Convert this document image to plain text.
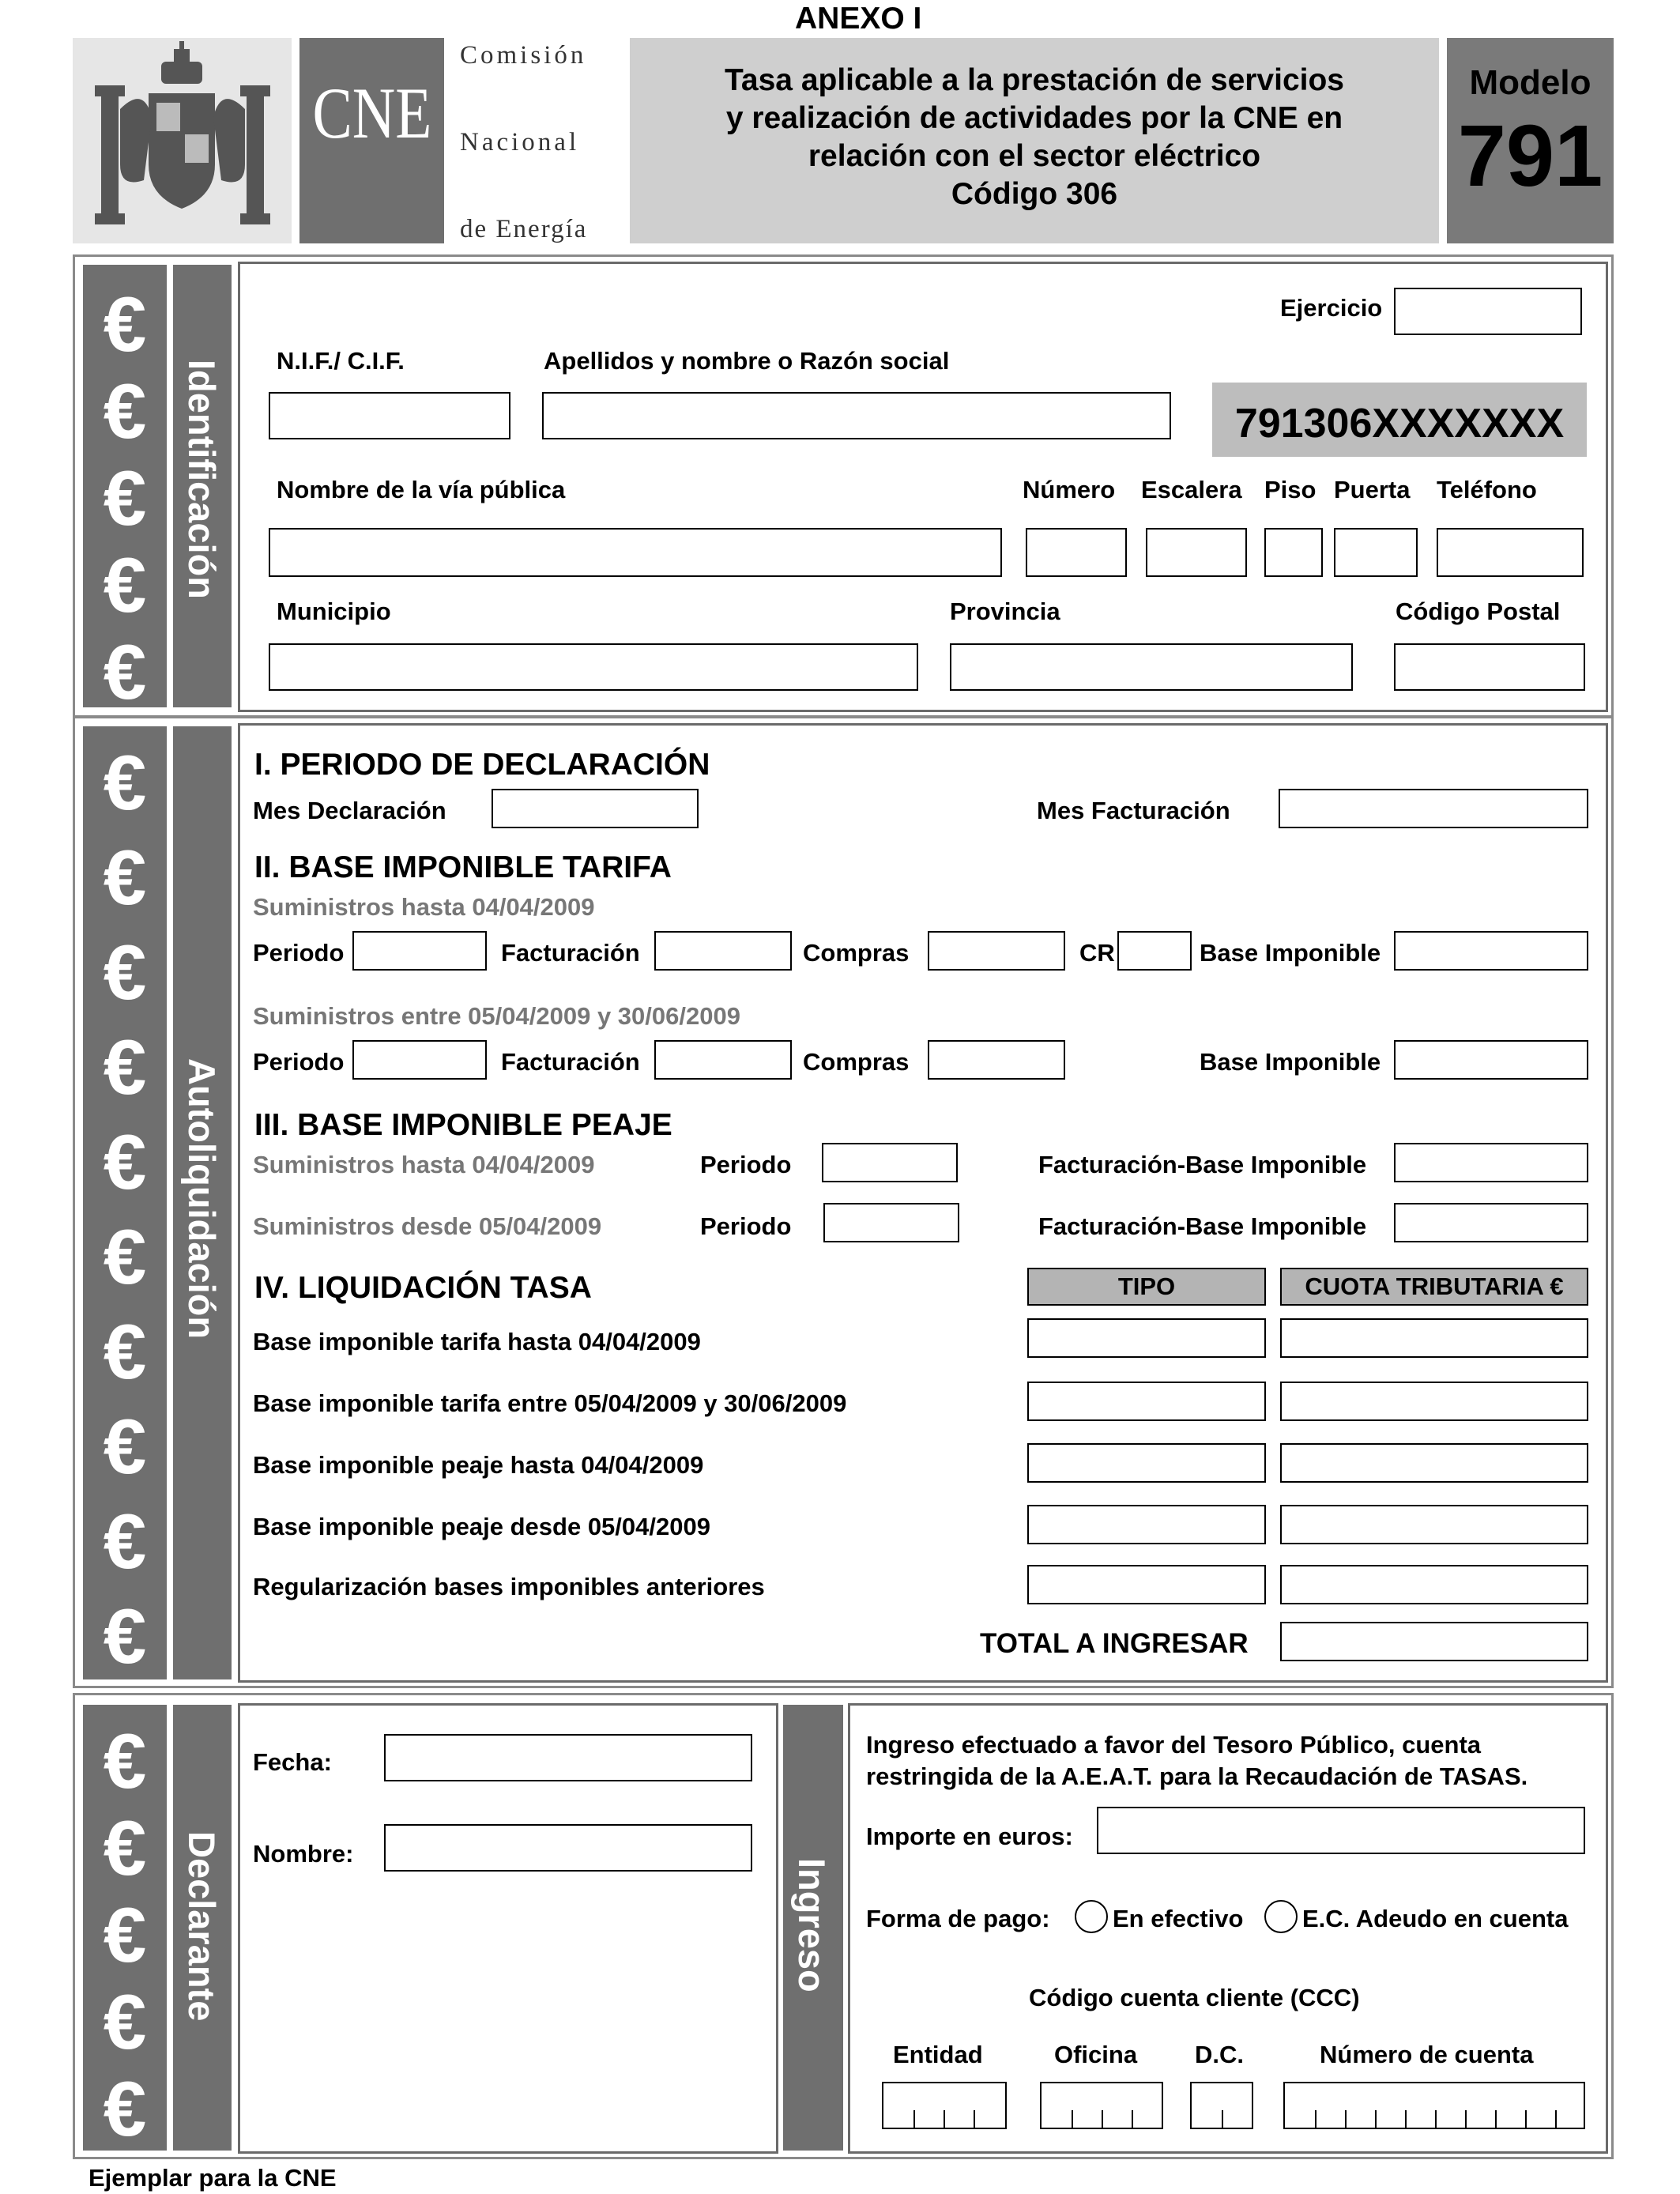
ANEXO I
CNE
Comisión
Nacional
de Energía
Tasa aplicable a la prestación de servicios
y realización de actividades por la CNE en
relación con el sector eléctrico
Código 306
Modelo
791
€
€
€
€
€
Identificación
Ejercicio
N.I.F./ C.I.F.	Apellidos y nombre o Razón social
791306XXXXXXX
Nombre de la vía pública	Número Escalera Piso Puerta Teléfono
Municipio	Provincia	Código Postal
€
€
€
€
€
€
€
€
€
€
Autoliquidación
I. PERIODO DE DECLARACIÓN
Mes Declaración	Mes Facturación
II. BASE IMPONIBLE TARIFA
Suministros hasta 04/04/2009
Periodo	Facturación	Compras	CR	Base Imponible
Suministros entre 05/04/2009 y 30/06/2009
Periodo	Facturación	Compras	Base Imponible
III. BASE IMPONIBLE PEAJE
Suministros hasta 04/04/2009	Periodo	Facturación-Base Imponible
Suministros desde 05/04/2009	Periodo	Facturación-Base Imponible
IV. LIQUIDACIÓN TASA	TIPO	CUOTA TRIBUTARIA €
Base imponible tarifa hasta 04/04/2009
Base imponible tarifa entre 05/04/2009 y 30/06/2009
Base imponible peaje hasta 04/04/2009
Base imponible peaje desde 05/04/2009
Regularización bases imponibles anteriores
TOTAL A INGRESAR
€
€
€
€
€
Declarante
Fecha:
Nombre:
Ingreso
Ingreso efectuado a favor del Tesoro Público, cuenta
restringida de la A.E.A.T. para la Recaudación de TASAS.
Importe en euros:
Forma de pago:	En efectivo E.C. Adeudo en cuenta
Código cuenta cliente (CCC)
Entidad	Oficina D.C.	Número de cuenta
Ejemplar para la CNE
